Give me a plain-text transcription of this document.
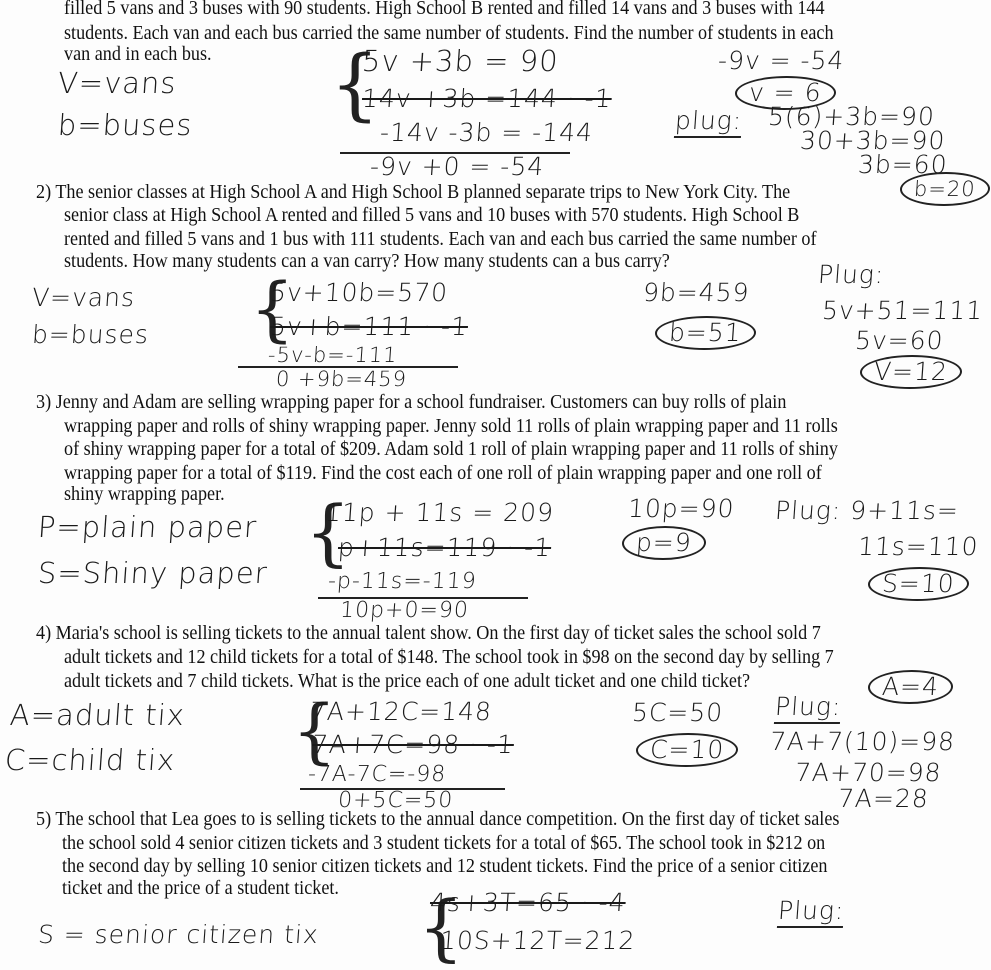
filled 5 vans and 3 buses with 90 students. High School B rented and filled 14 vans and 3 buses with 144
students. Each van and each bus carried the same number of students. Find the number of students in each
van and in each bus.
2) The senior classes at High School A and High School B planned separate trips to New York City. The
senior class at High School A rented and filled 5 vans and 10 buses with 570 students. High School B
rented and filled 5 vans and 1 bus with 111 students. Each van and each bus carried the same number of
students. How many students can a van carry? How many students can a bus carry?
3) Jenny and Adam are selling wrapping paper for a school fundraiser. Customers can buy rolls of plain
wrapping paper and rolls of shiny wrapping paper. Jenny sold 11 rolls of plain wrapping paper and 11 rolls
of shiny wrapping paper for a total of $209. Adam sold 1 roll of plain wrapping paper and 11 rolls of shiny
wrapping paper for a total of $119. Find the cost each of one roll of plain wrapping paper and one roll of
shiny wrapping paper.
4) Maria's school is selling tickets to the annual talent show. On the first day of ticket sales the school sold 7
adult tickets and 12 child tickets for a total of $148. The school took in $98 on the second day by selling 7
adult tickets and 7 child tickets. What is the price each of one adult ticket and one child ticket?
5) The school that Lea goes to is selling tickets to the annual dance competition. On the first day of ticket sales
the school sold 4 senior citizen tickets and 3 student tickets for a total of $65. The school took in $212 on
the second day by selling 10 senior citizen tickets and 12 student tickets. Find the price of a senior citizen
ticket and the price of a student ticket.
{
{
{
{
{
V=vans
b=buses
5v +3b = 90
14v +3b =144 · -1
-14v -3b = -144
-9v +0 = -54
-9v = -54
v = 6
plug: 5(6)+3b=90
30+3b=90
3b=60
b=20
V=vans
b=buses
5v+10b=570
5v+b=111 · -1
-5v-b=-111
0 +9b=459
9b=459
b=51
Plug:
5v+51=111
5v=60
V=12
P=plain paper
S=Shiny paper
11p + 11s = 209
p+11s=119 · -1
-p-11s=-119
10p+0=90
10p=90
p=9
Plug: 9+11s=
11s=110
S=10
A=adult tix
C=child tix
7A+12C=148
7A+7C=98 · -1
-7A-7C=-98
0+5C=50
5C=50
C=10
Plug:
7A+7(10)=98
7A+70=98
7A=28
A=4
4s+3T=65 · -4
10S+12T=212
Plug:
S = senior citizen tix
